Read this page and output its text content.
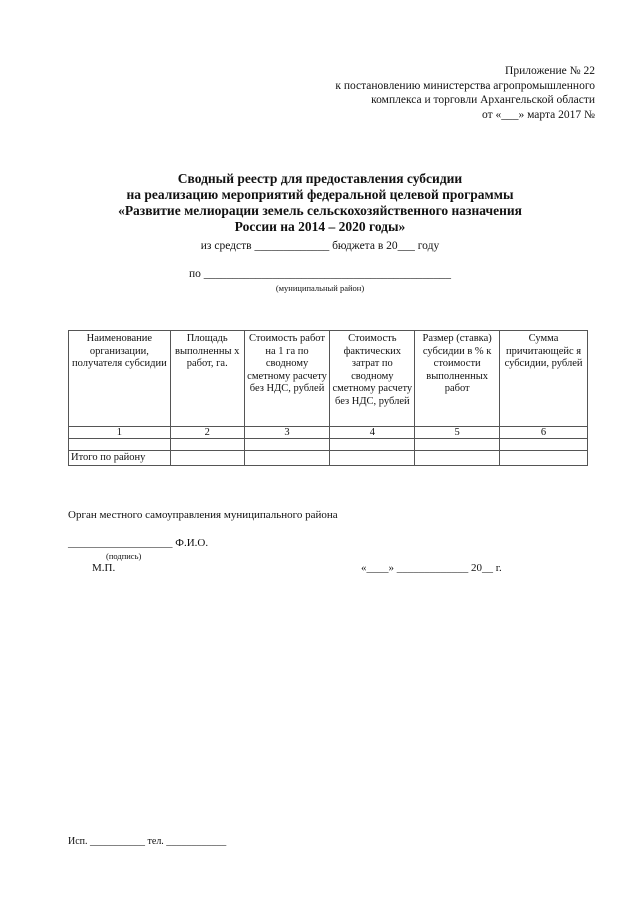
Приложение № 22
к постановлению министерства агропромышленного
комплекса и торговли Архангельской области
от «___» марта 2017 №
Сводный реестр для предоставления субсидии
на реализацию мероприятий федеральной целевой программы
«Развитие мелиорации земель сельскохозяйственного назначения
России на 2014 – 2020 годы»
из средств _____________ бюджета в 20___ году
по ___________________________________________
(муниципальный район)
Наименование организации, получателя субсидии	Площадь выполненны х работ, га.	Стоимость работ на 1 га по сводному сметному расчету без НДС, рублей	Стоимость фактических затрат по сводному сметному расчету без НДС, рублей	Размер (ставка) субсидии в % к стоимости выполненных работ	Сумма причитающейс я субсидии, рублей
1	2	3	4	5	6

Итого по району					
Орган местного самоуправления муниципального района
___________________ Ф.И.О.
(подпись)
М.П.	«____» _____________ 20__ г.
Исп. ___________ тел. ____________
